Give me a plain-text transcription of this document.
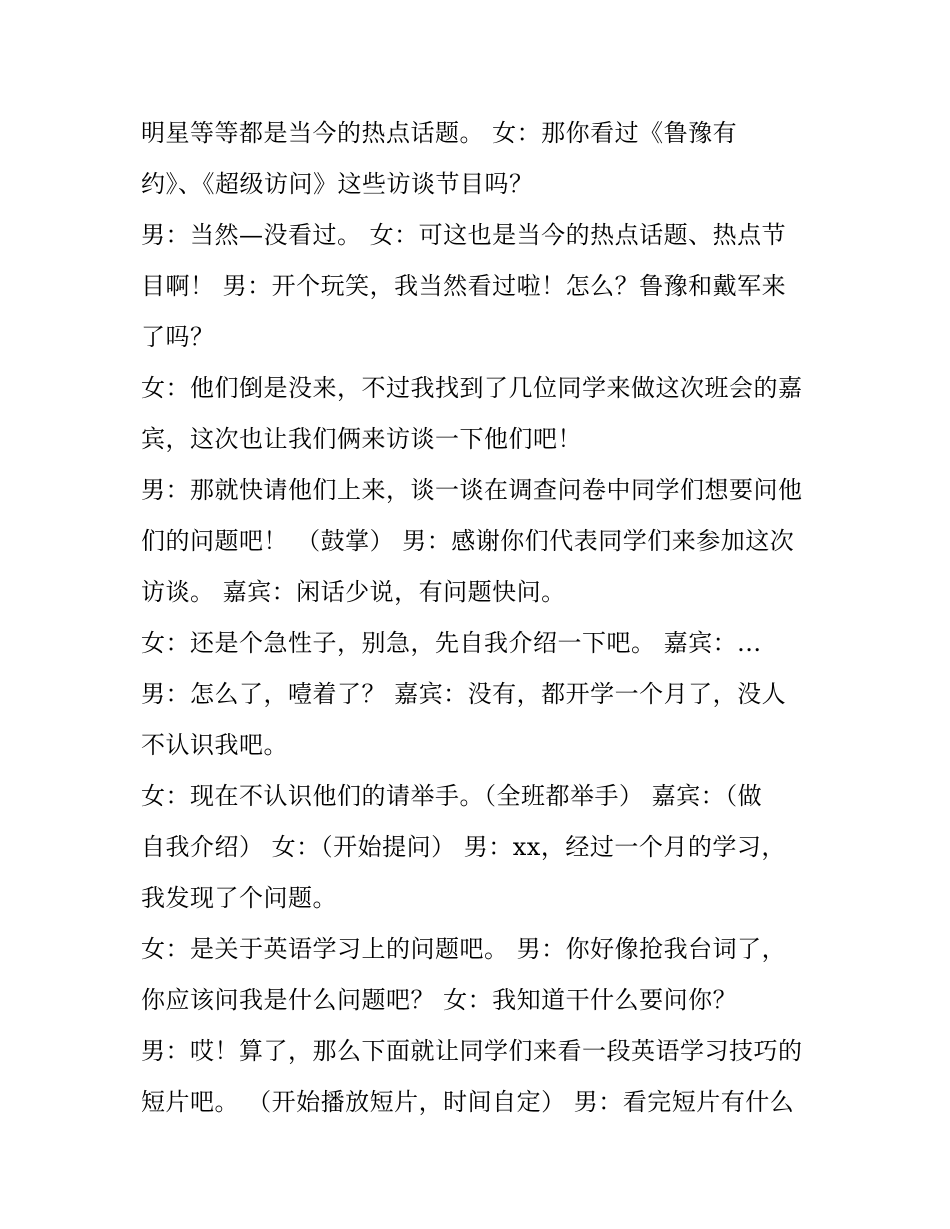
明星等等都是当今的热点话题。 女：那你看过《鲁豫有
约》、《超级访问》这些访谈节目吗？
男：当然—没看过。 女：可这也是当今的热点话题、热点节
目啊！ 男：开个玩笑，我当然看过啦！怎么？鲁豫和戴军来
了吗？
女：他们倒是没来，不过我找到了几位同学来做这次班会的嘉
宾，这次也让我们俩来访谈一下他们吧！
男：那就快请他们上来，谈一谈在调查问卷中同学们想要问他
们的问题吧！ （鼓掌） 男：感谢你们代表同学们来参加这次
访谈。 嘉宾：闲话少说，有问题快问。
女：还是个急性子，别急，先自我介绍一下吧。 嘉宾：...
男：怎么了，噎着了？ 嘉宾：没有，都开学一个月了，没人
不认识我吧。
女：现在不认识他们的请举手。（全班都举手） 嘉宾：（做
自我介绍） 女：（开始提问） 男：xx，经过一个月的学习，
我发现了个问题。
女：是关于英语学习上的问题吧。 男：你好像抢我台词了，
你应该问我是什么问题吧？ 女：我知道干什么要问你？
男：哎！算了，那么下面就让同学们来看一段英语学习技巧的
短片吧。 （开始播放短片，时间自定） 男：看完短片有什么
